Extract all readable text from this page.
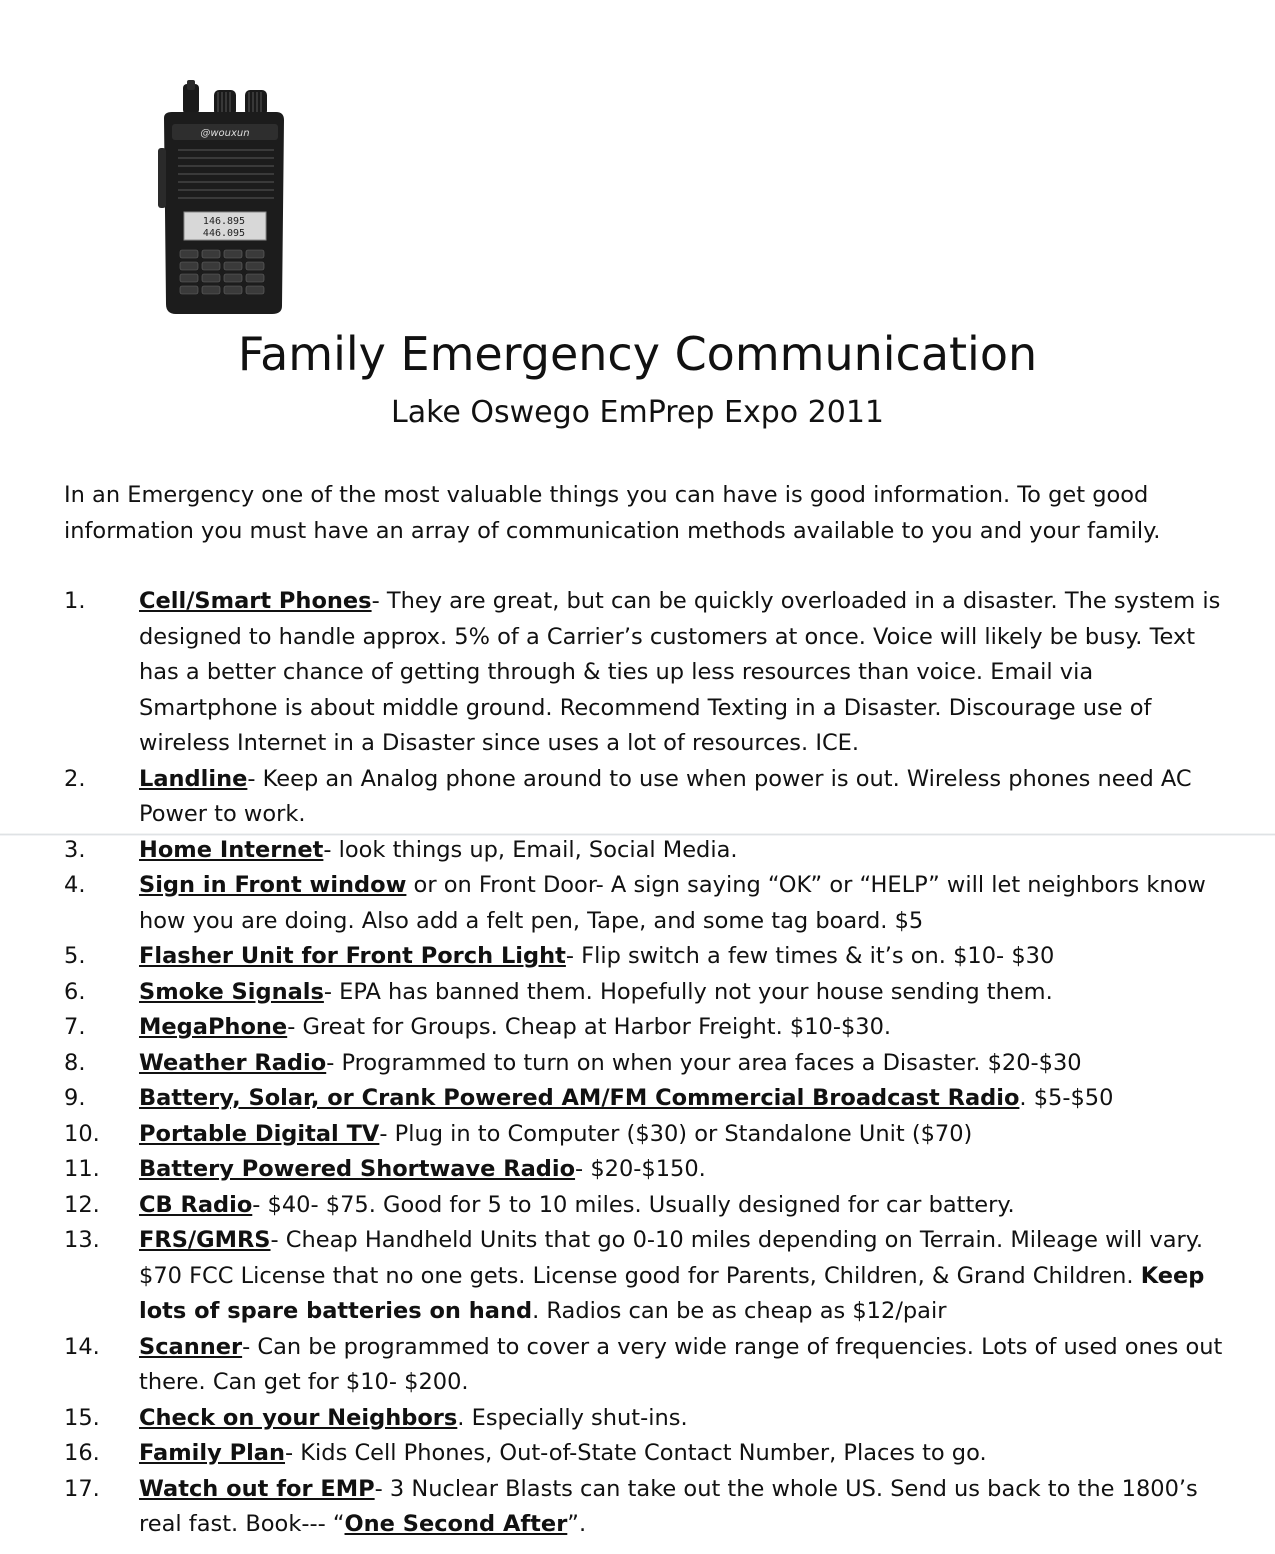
@wouxun
146.895
446.095
Family Emergency Communication
Lake Oswego EmPrep Expo 2011

In an Emergency one of the most valuable things you can have is good information. To get good information you must have an array of communication methods available to you and your family.

1.	Cell/Smart Phones- They are great, but can be quickly overloaded in a disaster. The system is designed to handle approx. 5% of a Carrier’s customers at once. Voice will likely be busy. Text has a better chance of getting through & ties up less resources than voice. Email via Smartphone is about middle ground. Recommend Texting in a Disaster. Discourage use of wireless Internet in a Disaster since uses a lot of resources. ICE.
2.	Landline- Keep an Analog phone around to use when power is out. Wireless phones need AC Power to work.
3.	Home Internet- look things up, Email, Social Media.
4.	Sign in Front window or on Front Door- A sign saying “OK” or “HELP” will let neighbors know how you are doing. Also add a felt pen, Tape, and some tag board. $5
5.	Flasher Unit for Front Porch Light- Flip switch a few times & it’s on. $10- $30
6.	Smoke Signals- EPA has banned them. Hopefully not your house sending them.
7.	MegaPhone- Great for Groups. Cheap at Harbor Freight. $10-$30.
8.	Weather Radio- Programmed to turn on when your area faces a Disaster. $20-$30
9.	Battery, Solar, or Crank Powered AM/FM Commercial Broadcast Radio. $5-$50
10.	Portable Digital TV- Plug in to Computer ($30) or Standalone Unit ($70)
11.	Battery Powered Shortwave Radio- $20-$150.
12.	CB Radio- $40- $75. Good for 5 to 10 miles. Usually designed for car battery.
13.	FRS/GMRS- Cheap Handheld Units that go 0-10 miles depending on Terrain. Mileage will vary. $70 FCC License that no one gets. License good for Parents, Children, & Grand Children. Keep lots of spare batteries on hand. Radios can be as cheap as $12/pair
14.	Scanner- Can be programmed to cover a very wide range of frequencies. Lots of used ones out there. Can get for $10- $200.
15.	Check on your Neighbors. Especially shut-ins.
16.	Family Plan- Kids Cell Phones, Out-of-State Contact Number, Places to go.
17.	Watch out for EMP- 3 Nuclear Blasts can take out the whole US. Send us back to the 1800’s real fast. Book--- “One Second After”.
